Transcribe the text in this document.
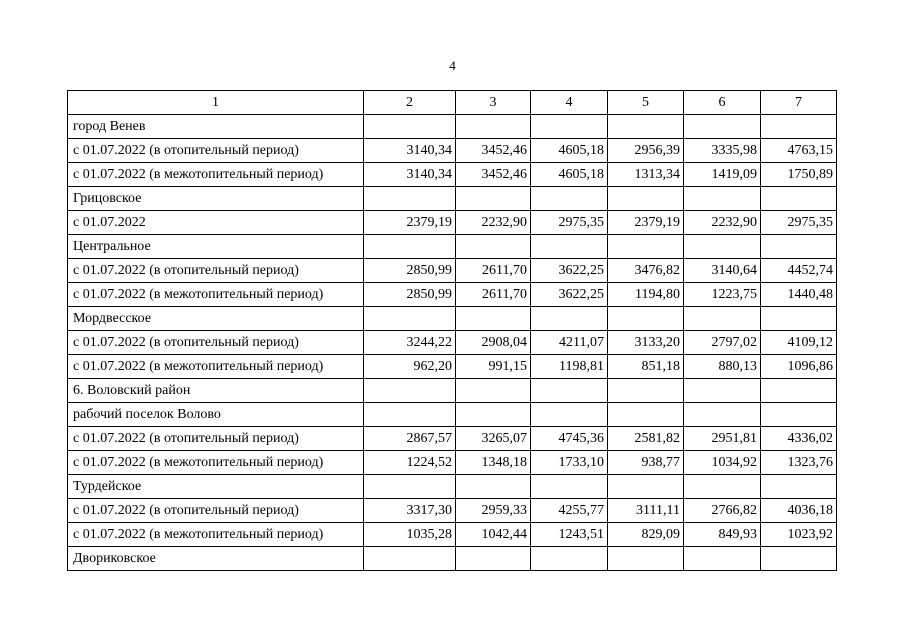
4
1	2	3	4	5	6	7
город Венев						
с 01.07.2022 (в отопительный период)	3140,34	3452,46	4605,18	2956,39	3335,98	4763,15
с 01.07.2022 (в межотопительный период)	3140,34	3452,46	4605,18	1313,34	1419,09	1750,89
Грицовское						
с 01.07.2022	2379,19	2232,90	2975,35	2379,19	2232,90	2975,35
Центральное						
с 01.07.2022 (в отопительный период)	2850,99	2611,70	3622,25	3476,82	3140,64	4452,74
с 01.07.2022 (в межотопительный период)	2850,99	2611,70	3622,25	1194,80	1223,75	1440,48
Мордвесское						
с 01.07.2022 (в отопительный период)	3244,22	2908,04	4211,07	3133,20	2797,02	4109,12
с 01.07.2022 (в межотопительный период)	962,20	991,15	1198,81	851,18	880,13	1096,86
6. Воловский район						
рабочий поселок Волово						
с 01.07.2022 (в отопительный период)	2867,57	3265,07	4745,36	2581,82	2951,81	4336,02
с 01.07.2022 (в межотопительный период)	1224,52	1348,18	1733,10	938,77	1034,92	1323,76
Турдейское						
с 01.07.2022 (в отопительный период)	3317,30	2959,33	4255,77	3111,11	2766,82	4036,18
с 01.07.2022 (в межотопительный период)	1035,28	1042,44	1243,51	829,09	849,93	1023,92
Двориковское						
